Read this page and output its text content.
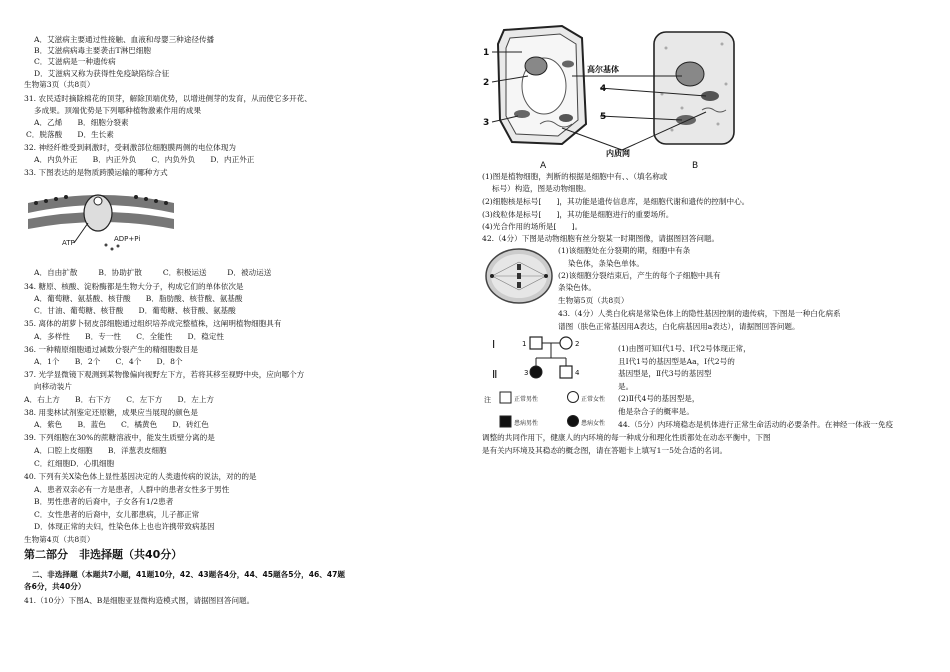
A．艾滋病主要通过性接触、血液和母婴三种途径传播
B．艾滋病病毒主要袭击T淋巴细胞
C．艾滋病是一种遗传病
D．艾滋病又称为获得性免疫缺陷综合征
生物第3页（共8页）
31. 农民适时摘除棉花的顶芽，解除顶端优势，以增进侧芽的发育，从而使它多开花、
多成果。顶端优势是下列哪种植物激素作用的成果
A．乙烯　　B．细胞分裂素
C．脱落酸　　D．生长素
32. 神经纤维受到刺激时，受刺激部位细胞膜两侧的电位体现为
A．内负外正　　B．内正外负　　C．内负外负　　D．内正外正
33. 下图表达的是物质跨膜运输的哪种方式
ATP	ADP+Pi
A．自由扩散	B．协助扩散	C．积极运送	D．被动运送
34. 糖原、核酸、淀粉酶都是生物大分子，构成它们的单体依次是
A．葡萄糖、氨基酸、核苷酸　　B．脂肪酸、核苷酸、氨基酸
C．甘油、葡萄糖、核苷酸　　D．葡萄糖、核苷酸、氨基酸
35. 离体的胡萝卜韧皮部细胞通过组织培养成完整植株，这阐明植物细胞具有
A．多样性　　B．专一性　　C．全能性　　D．稳定性
36. 一种精原细胞通过减数分裂产生的精细胞数目是
A．1个　　B．2个　　C．4个　　D．8个
37. 光学显微镜下观测到某物像偏向视野左下方，若将其移至视野中央，应向哪个方
向移动装片
A．右上方　　B．右下方　　C．左下方　　D．左上方
38. 用斐林试剂鉴定还原糖，成果应当展现的颜色是
A．紫色　　B．蓝色　　C．橘黄色　　D．砖红色
39. 下列细胞在30%的蔗糖溶液中，能发生质壁分离的是
A．口腔上皮细胞　　B．洋葱表皮细胞
C．红细胞D．心肌细胞
40. 下列有关X染色体上显性基因决定的人类遗传病的说法，对的的是
A．患者双亲必有一方是患者，人群中的患者女性多于男性
B．男性患者的后裔中，子女各有1/2患者
C．女性患者的后裔中，女儿都患病，儿子都正常
D．体现正常的夫妇，性染色体上也也许携带致病基因
生物第4页（共8页）
第二部分　非选择题（共40分）
二、非选择题（本题共7小题，41题10分，42、43题各4分，44、45题各5分，46、47题
各6分，共40分）
41.（10分）下图A、B是细胞亚显微构造模式图，请据图回答问题。
1
2
3
高尔基体
4
5
内质网
A	B
(1)图是植物细胞，判断的根据是细胞中有、、（填名称或
标号）构造，图是动物细胞。
(2)细胞核是标号[　　]，其功能是遗传信息库，是细胞代谢和遗传的控制中心。
(3)线粒体是标号[　　]，其功能是细胞进行的重要场所。
(4)光合作用的场所是[　　]。
42.（4分）下图是动物细胞有丝分裂某一时期图像，请据图回答问题。
(1)该细胞处在分裂期的期，细胞中有条
染色体，条染色单体。
(2)该细胞分裂结束后，产生的每个子细胞中具有
条染色体。
生物第5页（共8页）
43.（4分）人类白化病是常染色体上的隐性基因控制的遗传病，下图是一种白化病系
谱图（肤色正常基因用A表达，白化病基因用a表达），请据图回答问题。
Ⅰ
Ⅱ
1	2
3	4
注	正常男性	正常女性
患病男性	患病女性
(1)由图可知Ⅰ代1号、Ⅰ代2号体现正常，
且Ⅰ代1号的基因型是Aa，Ⅰ代2号的
基因型是，Ⅱ代3号的基因型
是。
(2)Ⅱ代4号的基因型是，
他是杂合子的概率是。
44.（5分）内环境稳态是机体进行正常生命活动的必要条件。在神经一体液一免疫
调整的共同作用下，健康人的内环境的每一种成分和理化性质都处在动态平衡中，下图
是有关内环境及其稳态的概念图，请在答题卡上填写1一5处合适的名词。
